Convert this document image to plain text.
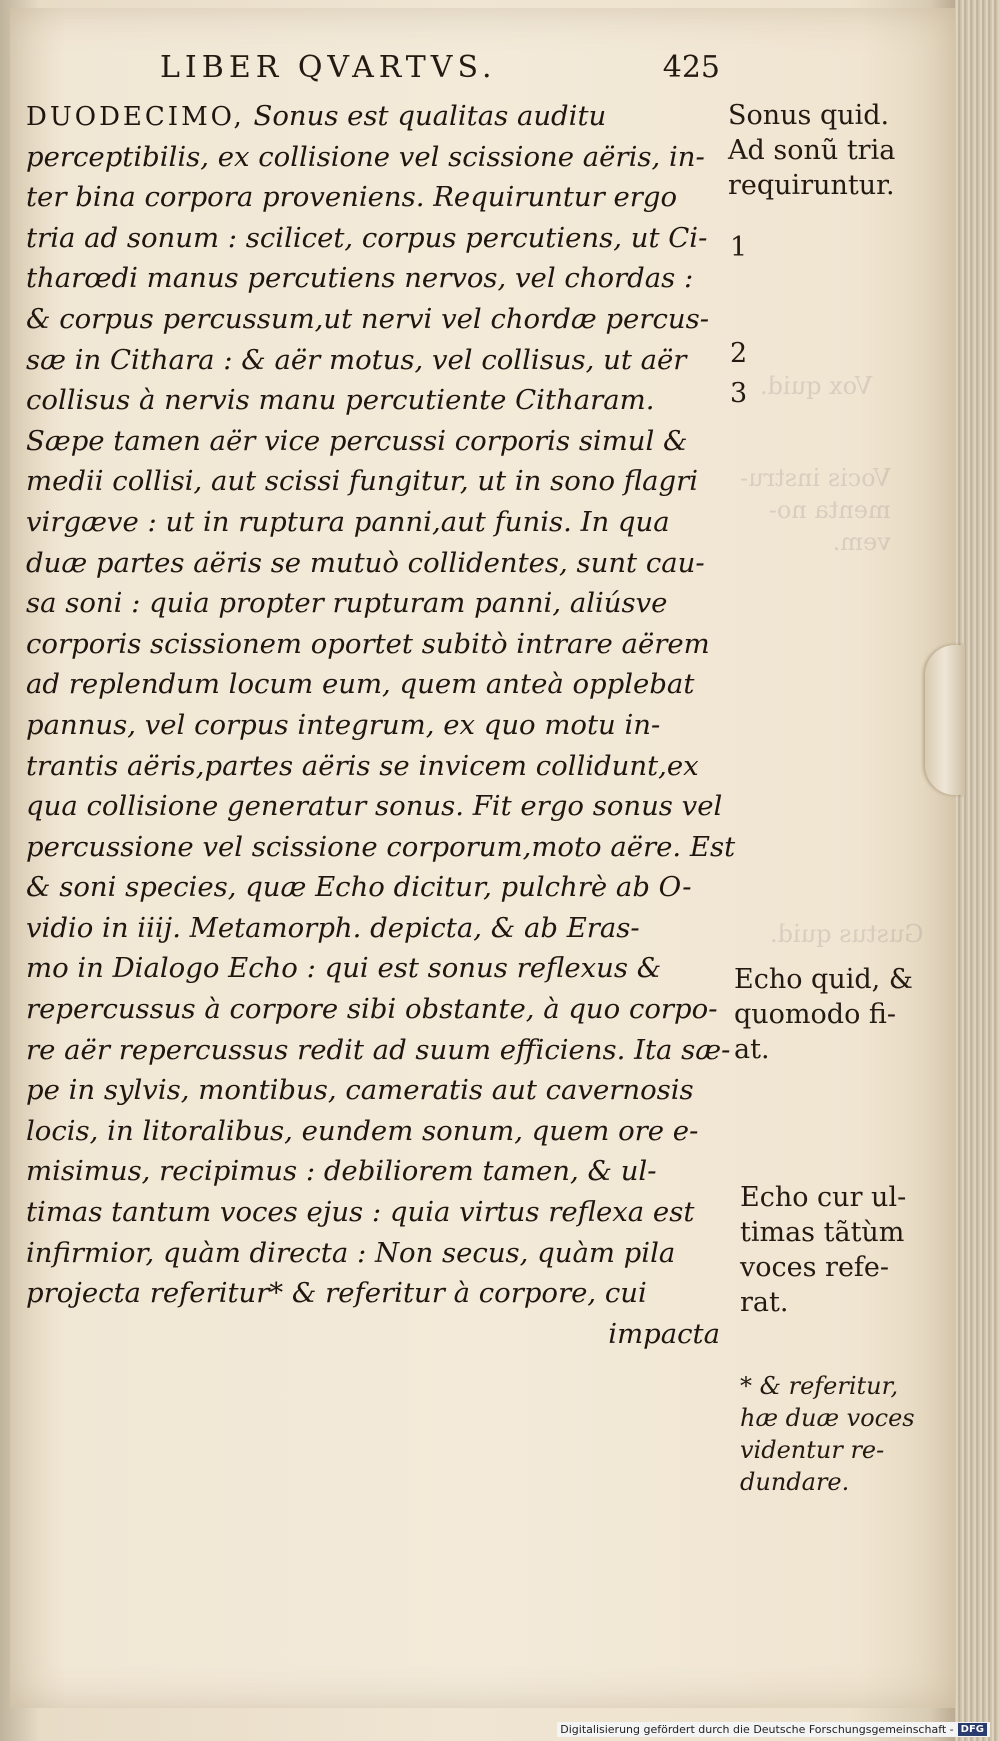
Vox quid.
Vocis instru-
menta no-
vem.
Gustus quid.
LIBER QVARTVS.	425
DUODECIMO, Sonus est qualitas auditu
perceptibilis, ex collisione vel scissione aëris, in-
ter bina corpora proveniens. Requiruntur ergo
tria ad sonum : scilicet, corpus percutiens, ut Ci-
tharœdi manus percutiens nervos, vel chordas :
& corpus percussum,ut nervi vel chordæ percus-
sæ in Cithara : & aër motus, vel collisus, ut aër
collisus à nervis manu percutiente Citharam.
Sæpe tamen aër vice percussi corporis simul &
medii collisi, aut scissi fungitur, ut in sono flagri
virgæve : ut in ruptura panni,aut funis. In qua
duæ partes aëris se mutuò collidentes, sunt cau-
sa soni : quia propter rupturam panni, aliúsve
corporis scissionem oportet subitò intrare aërem
ad replendum locum eum, quem anteà opplebat
pannus, vel corpus integrum, ex quo motu in-
trantis aëris,partes aëris se invicem collidunt,ex
qua collisione generatur sonus. Fit ergo sonus vel
percussione vel scissione corporum,moto aëre. Est
& soni species, quæ Echo dicitur, pulchrè ab O-
vidio in iiij. Metamorph. depicta, & ab Eras-
mo in Dialogo Echo : qui est sonus reflexus &
repercussus à corpore sibi obstante, à quo corpo-
re aër repercussus redit ad suum efficiens. Ita sæ-
pe in sylvis, montibus, cameratis aut cavernosis
locis, in litoralibus, eundem sonum, quem ore e-
misimus, recipimus : debiliorem tamen, & ul-
timas tantum voces ejus : quia virtus reflexa est
infirmior, quàm directa : Non secus, quàm pila
projecta referitur* & referitur à corpore, cui
impacta
Sonus quid.
Ad sonũ tria
requiruntur.
1
2
3
Echo quid, &
quomodo fi-
at.
Echo cur ul-
timas tãtùm
voces refe-
rat.
* & referitur,
hæ duæ voces
videntur re-
dundare.
Digitalisierung gefördert durch die Deutsche Forschungsgemeinschaft - DFG
